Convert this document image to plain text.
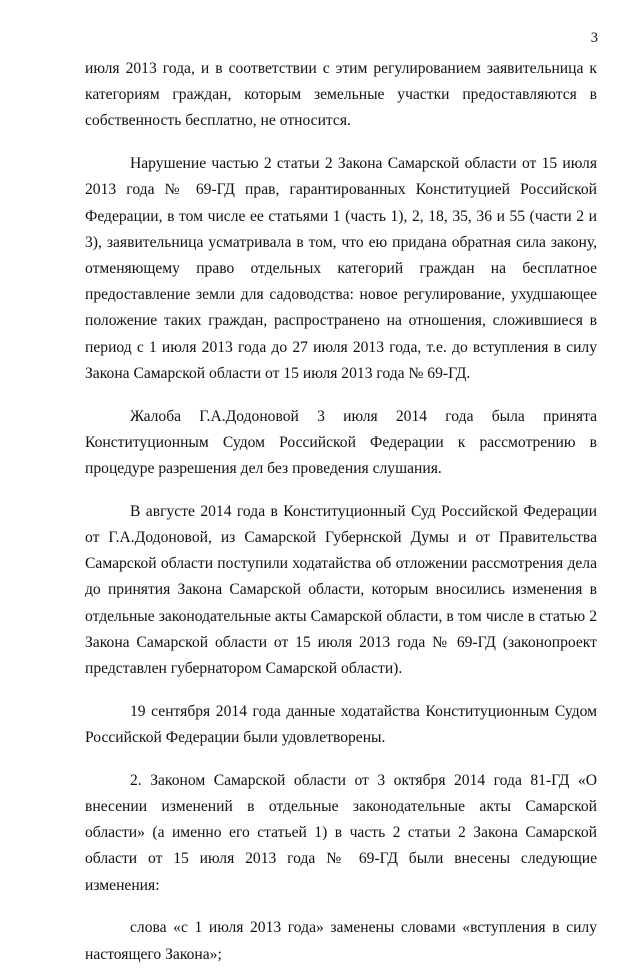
3

июля 2013 года, и в соответствии с этим регулированием заявительница к категориям граждан, которым земельные участки предоставляются в собственность бесплатно, не относится.

Нарушение частью 2 статьи 2 Закона Самарской области от 15 июля 2013 года № 69-ГД прав, гарантированных Конституцией Российской Федерации, в том числе ее статьями 1 (часть 1), 2, 18, 35, 36 и 55 (части 2 и 3), заявительница усматривала в том, что ею придана обратная сила закону, отменяющему право отдельных категорий граждан на бесплатное предоставление земли для садоводства: новое регулирование, ухудшающее положение таких граждан, распространено на отношения, сложившиеся в период с 1 июля 2013 года до 27 июля 2013 года, т.е. до вступления в силу Закона Самарской области от 15 июля 2013 года № 69-ГД.

Жалоба Г.А.Додоновой 3 июля 2014 года была принята Конституционным Судом Российской Федерации к рассмотрению в процедуре разрешения дел без проведения слушания.

В августе 2014 года в Конституционный Суд Российской Федерации от Г.А.Додоновой, из Самарской Губернской Думы и от Правительства Самарской области поступили ходатайства об отложении рассмотрения дела до принятия Закона Самарской области, которым вносились изменения в отдельные законодательные акты Самарской области, в том числе в статью 2 Закона Самарской области от 15 июля 2013 года № 69-ГД (законопроект представлен губернатором Самарской области).

19 сентября 2014 года данные ходатайства Конституционным Судом Российской Федерации были удовлетворены.

2. Законом Самарской области от 3 октября 2014 года 81-ГД «О внесении изменений в отдельные законодательные акты Самарской области» (а именно его статьей 1) в часть 2 статьи 2 Закона Самарской области от 15 июля 2013 года № 69-ГД были внесены следующие изменения:

слова «с 1 июля 2013 года» заменены словами «вступления в силу настоящего Закона»;
